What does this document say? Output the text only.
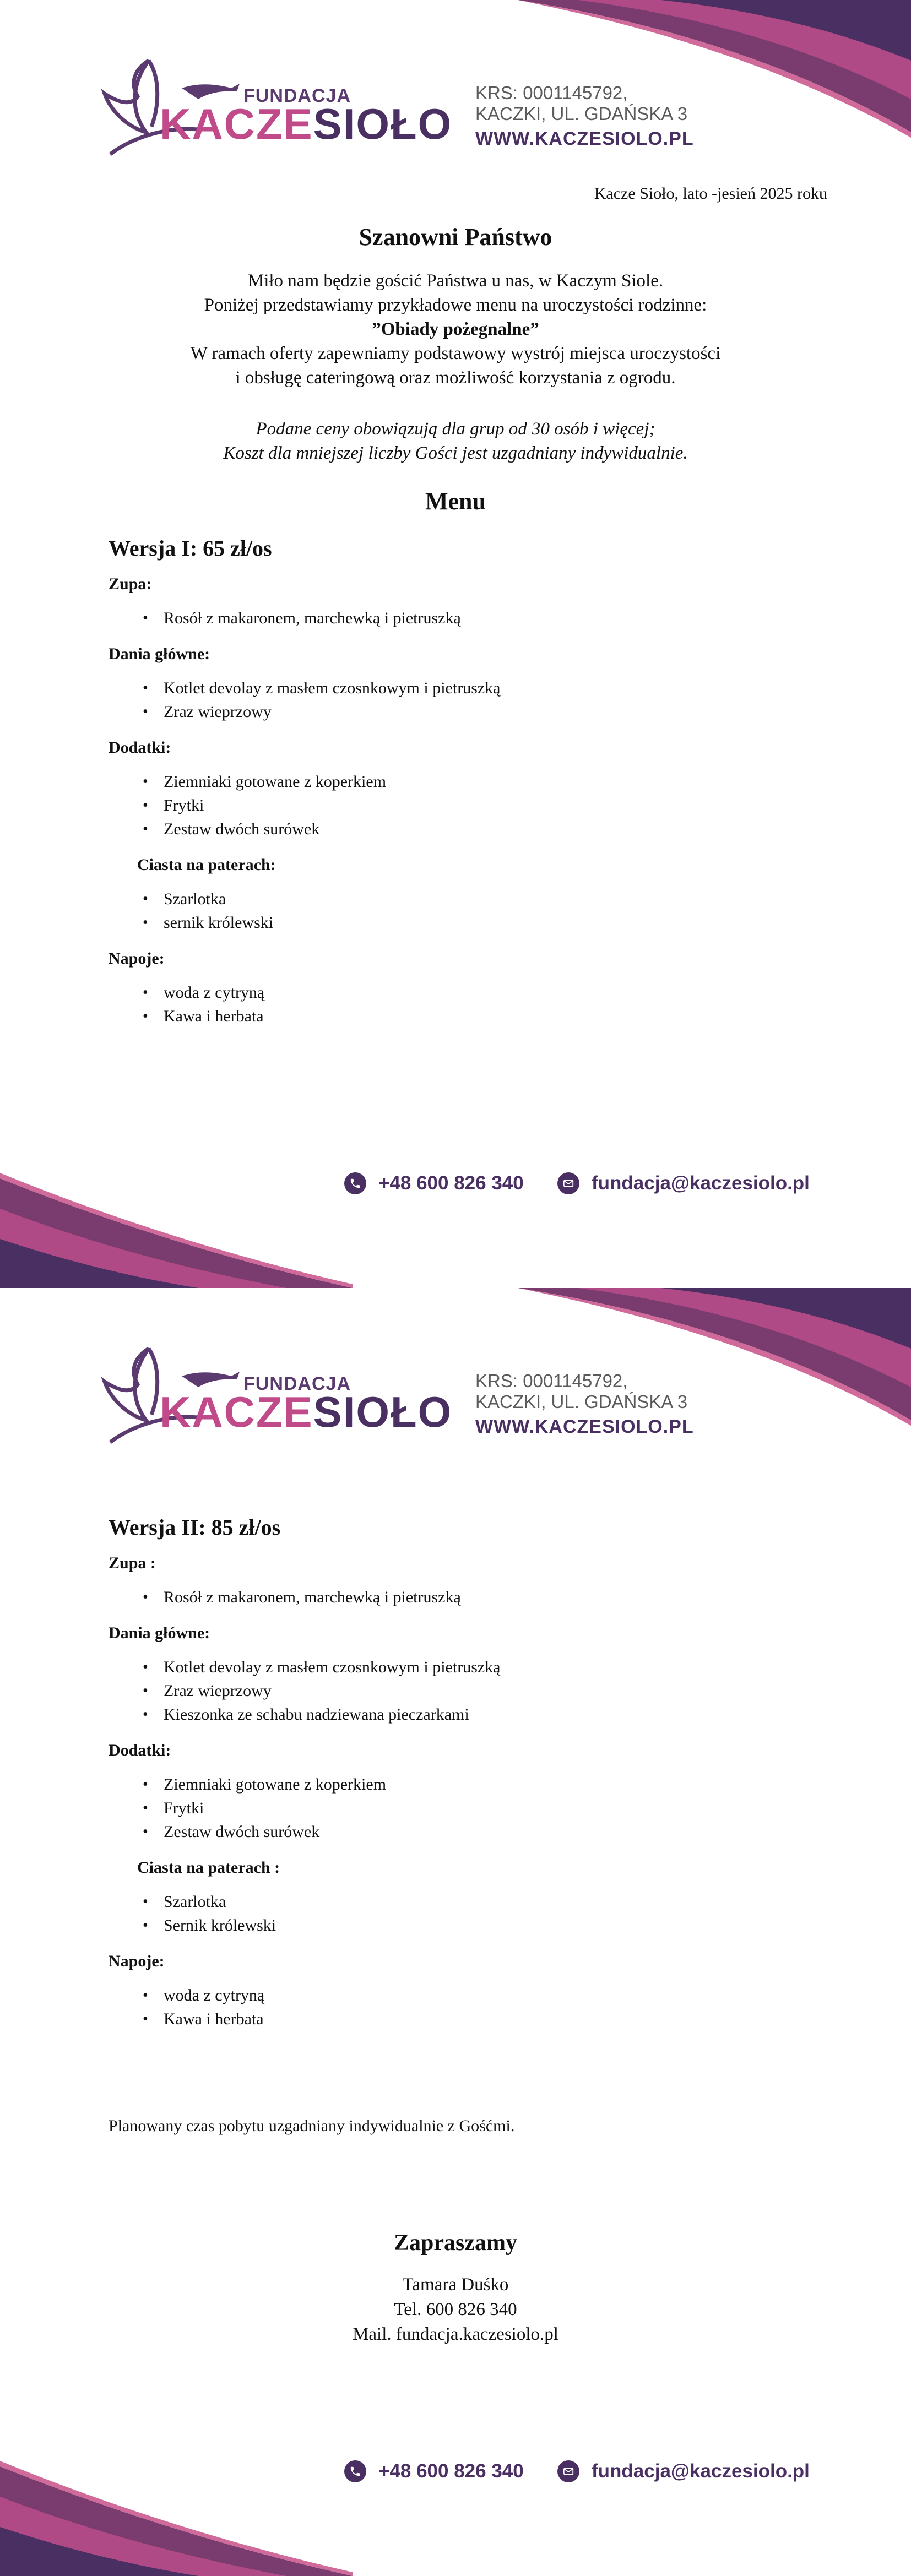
FUNDACJA
KACZESIOŁO
KRS: 0001145792,
KACZKI, UL. GDAŃSKA 3
WWW.KACZESIOLO.PL
Kacze Sioło, lato -jesień 2025 roku
Szanowni Państwo
Miło nam będzie gościć Państwa u nas, w Kaczym Siole.
Poniżej przedstawiamy przykładowe menu na uroczystości rodzinne:
”Obiady pożegnalne”
W ramach oferty zapewniamy podstawowy wystrój miejsca uroczystości
i obsługę cateringową oraz możliwość korzystania z ogrodu.
Podane ceny obowiązują dla grup od 30 osób i więcej;
Koszt dla mniejszej liczby Gości jest uzgadniany indywidualnie.
Menu
Wersja I: 65 zł/os
Zupa:
• Rosół z makaronem, marchewką i pietruszką
Dania główne:
• Kotlet devolay z masłem czosnkowym i pietruszką
• Zraz wieprzowy
Dodatki:
• Ziemniaki gotowane z koperkiem
• Frytki
• Zestaw dwóch surówek
Ciasta na paterach:
• Szarlotka
• sernik królewski
Napoje:
• woda z cytryną
• Kawa i herbata
+48 600 826 340	fundacja@kaczesiolo.pl
FUNDACJA
KACZESIOŁO
KRS: 0001145792,
KACZKI, UL. GDAŃSKA 3
WWW.KACZESIOLO.PL
Wersja II: 85 zł/os
Zupa :
• Rosół z makaronem, marchewką i pietruszką
Dania główne:
• Kotlet devolay z masłem czosnkowym i pietruszką
• Zraz wieprzowy
• Kieszonka ze schabu nadziewana pieczarkami
Dodatki:
• Ziemniaki gotowane z koperkiem
• Frytki
• Zestaw dwóch surówek
Ciasta na paterach :
• Szarlotka
• Sernik królewski
Napoje:
• woda z cytryną
• Kawa i herbata
Planowany czas pobytu uzgadniany indywidualnie z Gośćmi.
Zapraszamy
Tamara Duśko
Tel. 600 826 340
Mail. fundacja.kaczesiolo.pl
+48 600 826 340	fundacja@kaczesiolo.pl
